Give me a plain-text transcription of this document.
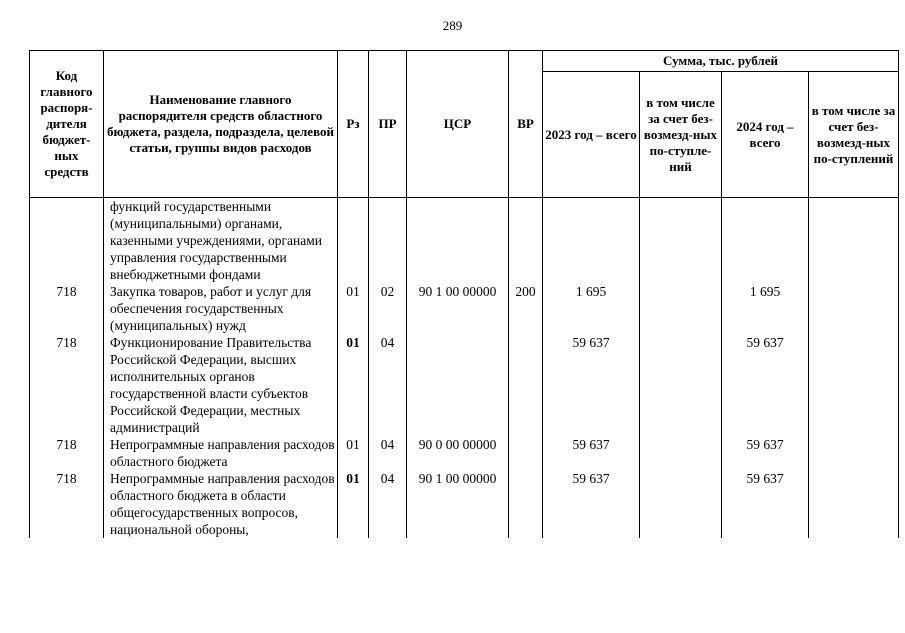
289
Код главного распоря-дителя бюджет-ных средств	Наименование главного распорядителя средств областного бюджета, раздела, подраздела, целевой статьи, группы видов расходов	Рз	ПР	ЦСР	ВР	Сумма, тыс. рублей			
						2023 год – всего	в том числе за счет без-возмезд-ных по-ступле-ний	2024 год – всего	в том числе за счет без-возмезд-ных по-ступлений
	функций государственными (муниципальными) органами, казенными учреждениями, органами управления государственными внебюджетными фондами								
718	Закупка товаров, работ и услуг для обеспечения государственных (муниципальных) нужд	01	02	90 1 00 00000	200	1 695		1 695	
718	Функционирование Правительства Российской Федерации, высших исполнительных органов государственной власти субъектов Российской Федерации, местных администраций	01	04			59 637		59 637	
718	Непрограммные направления расходов областного бюджета	01	04	90 0 00 00000		59 637		59 637	
718	Непрограммные направления расходов областного бюджета в области общегосударственных вопросов, национальной обороны,	01	04	90 1 00 00000		59 637		59 637	
